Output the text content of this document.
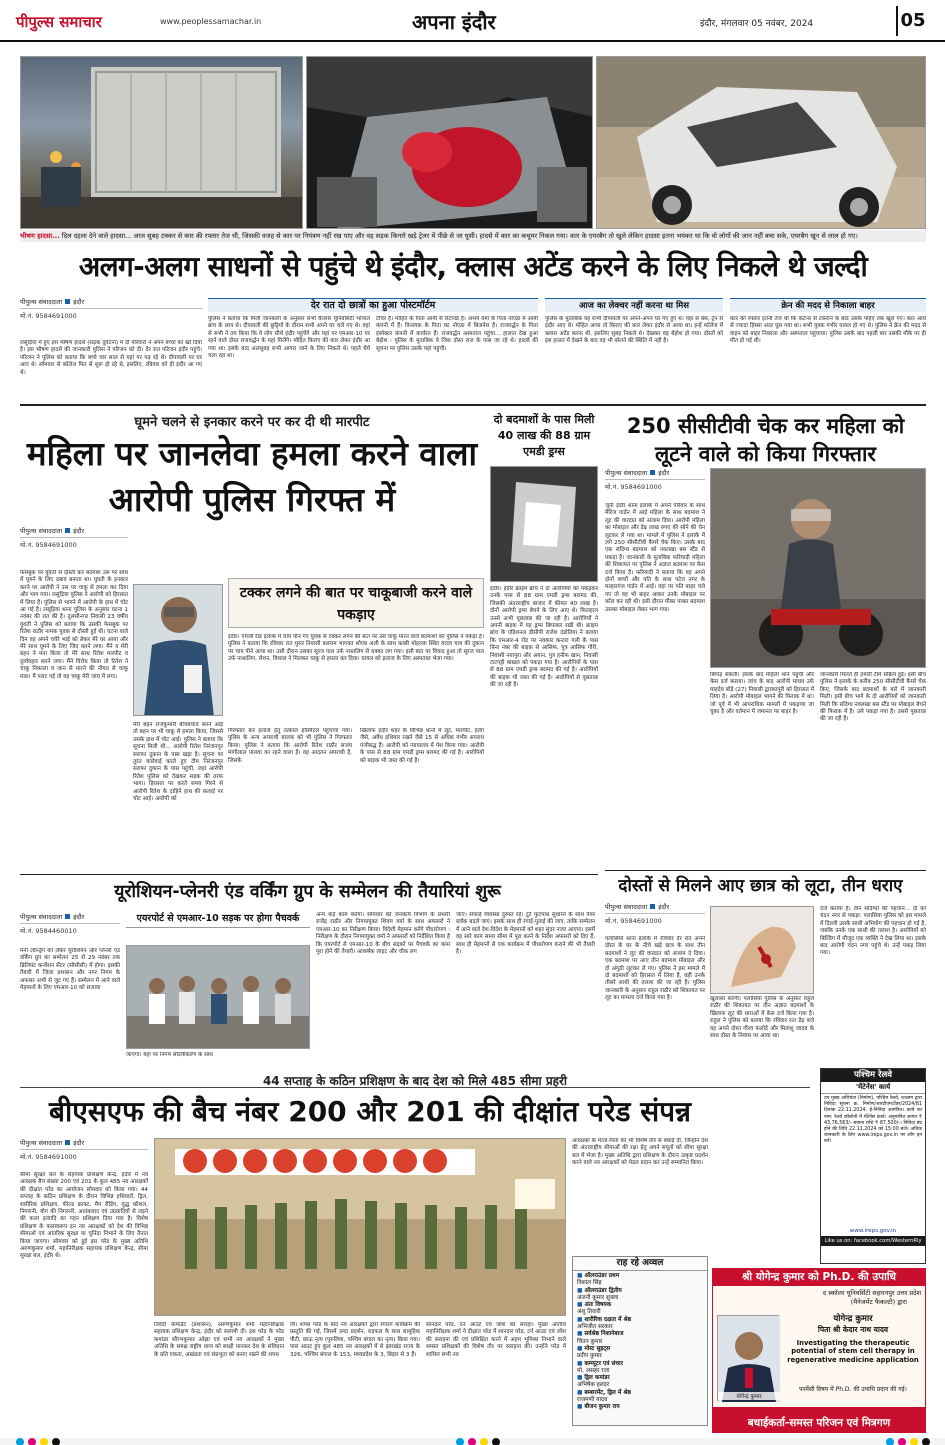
पीपुल्स समाचार	www.peoplessamachar.in	अपना इंदौर	इंदौर, मंगलवार 05 नवंबर, 2024	05
भीषण हादसा... दिल दहला देने वाले हादसा... आज सुबह टक्कर से कार की रफ्तार तेज थी, जिसकी वजह से कार पर नियंत्रण नहीं रख पाए और वह सड़क किनारे खड़े ट्रेलर में पीछे से जा घुसी। हादसे में कार का कचूमर निकल गया। कार के एयरबैग तो खुले लेकिन हादसा इतना भयंकर था कि वो लोगों की जान नहीं बचा सके, एयरबैग खून से लाल हो गए।
अलग-अलग साधनों से पहुंचे थे इंदौर, क्लास अटेंड करने के लिए निकले थे जल्दी
पीपुल्स संवाददाता इंदौर
मो.नं. 9584691000
लसूड़िया में हुए इस भीषण हादसे (सड़क दुर्घटना) में दो परिवारों ने अपने बच्चों को खो दिया है। इस भीषण हादसे की जानकारी पुलिस ने परिजन को दी। देर रात परिजन इंदौर पहुंचे। परिजन ने पुलिस को बताया कि बच्चे चार साल से यहां पर पढ़ रहे थे। दीपावली पर घर आए थे। सोमवार से कॉलेज फिर से शुरू हो रहे थे, इसलिए, रविवार को ही इंदौर आ गए थे।
देर रात दो छात्रों का हुआ पोस्टमॉर्टम
पुलिस ने बताया कि मिली जानकारी के अनुसार सभी वैल्लोर यूनिवर्सिटी भोपाल ब्रांच के छात्र थे। दीपावली की छुट्टियों के दौरान सभी अपने घर चले गए थे। वहां से सभी ने तय किया कि वे लोग सीधे इंदौर पहुंचेंगे और यहां पर एमआर-10 पर रहने वाले दोस्त राजवर्द्धन के यहां मिलेंगे। मोहित किराए की कार लेकर इंदौर आ गया था। इसके बाद अलसुबह सभी आगरा जाने के लिए निकले थे। पहले धैर्य चला रहा था।
टीचर हैं। मोहित के पिता आर्मी से रिटायर्ड हैं। अभय वर्मा के पिता नोएडा में आर्मी कंपनी में हैं। विनायक के पिता का नोएडा में बिजनेस है। राजवर्द्धन के पिता इंस्पेक्टर कंपनी में कार्यरत हैं। राजवर्द्धन अस्पताल पहुंचा... हालात देख हुआ बेहोश : पुलिस के मुताबिक वे जिस दोस्त राज के पास जा रहे थे। हादसे की सूचना पर पुलिस उसके यहां पहुंची।
आज का लेक्चर नहीं करना था मिस
पुलिस के मुताबिक यह सभी दीपावली पर अपने-अपने घर गए हुए थे। यहां से बस, ट्रेन से इंदौर आए थे। मोहित आया तो किराए की कार लेकर इंदौर से आया था। इन्हें कॉलेज में क्लास अटेंड करना थी, इसलिए सुबह निकले थे। देखकर वह बेहोश हो गया। दोस्तों को इस हालत में देखने के बाद वह भी बोलने की स्थिति में नहीं है।
क्रेन की मदद से निकाला बाहर
कार की रफ्तार इतनी तेज थी कि कंटेनर से टकराने के बाद उसके पहिए तक खुल गए। कार आधे से ज्यादा हिस्सा अंदर घुस गया था। सभी युवक गंभीर घायल हो गए थे। पुलिस ने क्रेन की मदद से वाहन को बाहर निकाला और अस्पताल पहुंचाया। पुलिस उसके बाद पहली बार उसकी मौके पर ही मौत हो गई थी।
घूमने चलने से इनकार करने पर कर दी थी मारपीट
महिला पर जानलेवा हमला करने वाला आरोपी पुलिस गिरफ्त में
पीपुल्स संवाददाता इंदौर
मो.नं. 9584691000
फेसबुक पर युवती से दोस्ती कर बदमाश उस पर साथ में घूमने के लिए दबाव बनाता था। युवती के इनकार करने पर आरोपी ने उस पर चाकू से हमला कर दिया और भाग गया। लसूड़िया पुलिस ने आरोपी को हिरासत में लिया है। पुलिस से भागने में आरोपी के हाथ में चोट आ गई है। लसूड़िया थाना पुलिस के अनुसार घटना 1 नवंबर की रात की है। तुलसीनगर निवासी 23 वर्षीय युवती ने पुलिस को बताया कि उसकी फेसबुक पर रितेश राठौर नामक युवक से दोस्ती हुई थी। घटना वाले दिन वह अपने चचेरे भाई को लेकर मेरे घर आया और मेरे साथ घूमने के लिए जिद करने लगा। मैंने व मेरी बहन ने मना किया तो मेरे साथ रितेश मारपीट व दुर्व्यवहार करने लगा। मैंने विरोध किया तो रितेश ने चाकू निकाला व जान से मारने की नीयत से चाकू मारा। मैं पलट गई तो वह चाकू मेरी जांघ में लगा।
मेरी बहन राजकुमारी बीचबचाव करने आई तो बहन पर भी चाकू से हमला किया, जिससे उसके हाथ में चोट आई। पुलिस ने बताया कि सूचना मिली थी... आरोपी रितेश निरंजनपुर सराफा दुकान के पास खड़ा है। सूचना पर तुरंत कार्रवाई करते हुए टीम निरंजनपुर सराफा दुकान के पास पहुंची, जहां आरोपी रितेश पुलिस को देखकर सड़क की तरफ भागा। हिरासत पर करते समय गिरने से आरोपी रितेश के दाहिने हाथ की कलाई पर चोट आई। आरोपी को
टक्कर लगने की बात पर चाकूबाजी करने वाले पकड़ाए
इंदौर। एमजी रोड इलाके में चाय पीने गए युवक से टक्कर लगने की बात पर उसे चाकू मारने वाले बदमाशों को पुलिस ने पकड़ा है। पुलिस ने बताया कि रविवार रात मुरार निवासी बलराम भागवत शोएब अली के साथ काछी मोहल्ला स्थित यादव चाय की दुकान पर चाय पीने आया था। उसी दौरान उसका सूरज पाल उर्फ नाथालिग से धक्का लग गया। इसी बात पर विवाद हुआ तो सूरज पाल उर्फ नाथालिग, रोशन, विशाल ने मिलकर चाकू से हमला कर दिया। घायल को इलाज के लिए अस्पताल भेजा गया।
गिरफ्तार कर इलाज हेतु तत्काल हॉस्पिटल पहुंचाया गया। पुलिस के अन्य अपराधी बालक को भी पुलिस ने गिरफ्तार किया। पुलिस ने बताया कि आरोपी रितेश राठौर सजंय मांगीलाल पालवा का रहने वाला है। वह आदतन अपराधी है, जिसके
खिलाफ इंदौर शहर के विभिन्न थानों में लूट, मारपीट, हत्या जैसे, अवैध हथियार रखने जैसे 15 से अधिक गंभीर अपराध पंजीबद्ध हैं। आरोपी को न्यायालय में पेश किया गया। आरोपी के पास से 88 ग्राम एमडी ड्रग्स बरामद की गई है। आरोपियों को बाइक भी जब्त की गई है।
दो बदमाशों के पास मिली 40 लाख की 88 ग्राम एमडी ड्रग्स
इंदौर। इंदौर क्राइम ब्रांच ने दो आरोपियों को पकड़कर उनके पास से 88 ग्राम एमडी ड्रग्स बरामद की, जिसकी अंतरराष्ट्रीय बाजार में कीमत 40 लाख है। दोनों आरोपी ड्रग्स बेचने के लिए आए थे। फिलहाल उनसे अभी पूछताछ की जा रही है। आरोपियों ने अपनी बाइक में यह ड्रग्स छिपाकर रखी थी। क्राइम ब्रांच के एडिशनल डीसीपी राजेश दंडोतिया ने बताया कि एमआर-4 रोड पर नवकार कन्टरा गली के पास बिना नंबर की बाइक से आसिफ, पुत्र आसिफ गौरी, निवासी नयापुरा और अयान, पुत्र हनीफ खान, निवासी टाटपट्टी बाखल को पकड़ा गया है। आरोपियों के पास से 88 ग्राम एमडी ड्रग्स बरामद की गई है। आरोपियों की बाइक भी जब्त की गई है। आरोपियों से पूछताछ की जा रही है।
250 सीसीटीवी चेक कर महिला को लूटने वाले को किया गिरफ्तार
पीपुल्स संवाददाता इंदौर
मो.नं. 9584691000
जूनी इंदौर थाना इलाके में अपने परिवार के साथ मैरिज गार्डन में आई महिला के साथ बदमाश ने लूट की वारदात को अंजाम दिया। आरोपी महिला का मोबाइल और डेढ़ लाख रुपए की सोने की चेन लूटकर ले गया था। मामले में पुलिस ने इलाके में लगे 250 सीसीटीवी कैमरे चेक किए। उसके बाद एक संदिग्ध बदमाश को नवलखा बस स्टैंड से पकड़ा है। जानकारी के मुताबिक फरियादी महिला की शिकायत पर पुलिस ने अज्ञात बदमाश पर केस दर्ज किया है। फरियादी ने बताया कि वह अपने दोनों बच्चों और पति के साथ पटेल नगर के मल्हारगंज गार्डन में आई। वहां पर पति बाहर चले गए तो वह भी बाहर आकर उनके मोबाइल पर कॉल कर रही थी। इसी दौरान मौका पाकर बदमाश उसका मोबाइल लेकर भाग गया।
बिगाड़ सकती। इसके बाद महिला थाने पहुंची और केस दर्ज कराया। जांच के बाद आरोपी माधव उर्फ माहदेव बोड़े (27) निवासी द्वारकापुरी को हिरासत में लिया है। आरोपी मोबाइल भागने की फिराक में था। जो पूर्व में भी आपराधिक मामलों में पकड़ाया जा चुका है और वर्तमान में जमानत पर बाहर है।
जानकारी मिलते ही हमारी टीमें सक्रिय हुईं। इसी बीच पुलिस ने इलाके के करीब 250 सीसीटीवी कैमरे चेक किए, जिसके बाद बदमाशों के बारे में जानकारी मिली। इसी बीच भागे के दो आरोपियों को जानकारी मिली कि संदिग्ध नवलखा बस स्टैंड पर मोबाइल बेचने की फिराक में है। उसे पकड़ा गया है। उससे पूछताछ की जा रही है।
दोस्तों से मिलने आए छात्र को लूटा, तीन धराए
पीपुल्स संवाददाता इंदौर
मो.नं. 9584691000
पलासिया थाना इलाके में रविवार देर रात अपने दोस्त के घर के नीचे खड़े छात्र के साथ तीन बदमाशों ने लूट की वारदात को अंजाम दे दिया। एक बदमाश पर आए तीन बदमाश मोबाइल और दो अंगूठी लूटकर ले गए। पुलिस ने इस मामले में दो बदमाशों को हिरासत में लिया है, वहीं उनके तीसरे साथी की तलाश की जा रही है। पुलिस जानकारी के अनुसार राहुल राठौर को शिकायत पर लूट का मामला दर्ज किया गया है।	खुलासा करेगी। पलासिया पुलिस के अनुसार राहुल राठौर की शिकायत पर तीन अज्ञात बदमाशों के खिलाफ लूट की धाराओं में केस दर्ज किया गया है। राहुल ने पुलिस को बताया कि रविवार रात डेढ़ बजे वह अपने दोस्त गौरव फलोदे और मितांशु जादव के साथ दोस्त के निवास पर आया था।
दर्ज कराया है। तीन संदिग्धों की पहचान... दो को चंदन नगर से पकड़ा: पलासिया पुलिस को इस मामले में दिल्ली उसके साथी अभियोग की पहचान हो गई है, जबकि उनके एक साथी की तलाश है। आरोपियों को बिल्डिंग में मौजूद एक व्यक्ति ने देख लिया था। इसके बाद आरोपी चंदन नगर पहुंचे थे। उन्हें पकड़ लिया गया।
यूरोशियन-प्लेनरी एंड वर्किंग ग्रुप के सम्मेलन की तैयारियां शुरू
पीपुल्स संवाददाता इंदौर
मो.नं. 9584460010
मनी लॉन्ड्रिंग को लेकर यूरोशियन और प्लेनरी एंड वर्किंग ग्रुप का सम्मेलन 25 से 29 नवंबर तक ब्रिलियंट कन्वेंशन सेंटर (सीसीसी) में होगा। इसकी तैयारी में जिला प्रशासन और नगर निगम के अफसर अभी से जुट गए हैं। सम्मेलन में आने वाले मेहमानों के लिए एमआर-10 को सजाया
एयरपोर्ट से एमआर-10 सड़क पर होगा पैचवर्क
जाएगा। यहां पर निगम सौंदर्यीकरण के साथ
अन्य कई काम करेगा। सोमवार को जनकार्य विभाग के प्रभारी राजेंद्र राठौर और निगमायुक्त शिवम वर्मा के साथ अफसरों ने एमआर-10 का निरीक्षण किया। विदेशी मेहमान करेंगे पौधारोपण : निरीक्षण के दौरान निगमायुक्त वर्मा ने अफसरों को निर्देशित किया है कि एयरपोर्ट से एमआर-10 के बीच सड़कों पर पैचवर्क का काम पूरा होने की तैयारी। आकर्षक लाइट और चौक लग
जाएं। सफाई व्यवस्था दुरुस्त रहे। टूटे फुटपाथ सुधारने के साथ पेवर ब्लॉक बदले जाएं। इसके साथ ही रंगाई-पुताई की जाए, ताकि सम्मेलन में आने वाले देश-विदेश के मेहमानों को शहर सुंदर नजर आएगा। इसमें वह सारे काम समय सीमा में पूरा करने के निर्देश अफसरों को दिए हैं, साथ ही मेहमानों से एक कार्यक्रम में पौधारोपण कराने की भी तैयारी है।
44 सप्ताह के कठिन प्रशिक्षण के बाद देश को मिले 485 सीमा प्रहरी
बीएसएफ की बैच नंबर 200 और 201 की दीक्षांत परेड संपन्न
पीपुल्स संवाददाता इंदौर
मो.नं. 9584691000
सीमा सुरक्षा बल के सहायक प्रशिक्षण केन्द्र, इंदौर में नव आरक्षक बैच संख्या 200 एवं 201 के कुल 485 नव आरक्षकों की दीक्षांत परेड का आयोजन सोमवार को किया गया। 44 सप्ताह के कठिन प्रशिक्षण के दौरान विभिन्न हथियारों, ड्रिल, शारीरिक प्रशिक्षण, फील्ड क्राफ्ट, मैप रीडिंग, युद्ध कौशल, निगरानी, योग की निगरानी, आतंकवाद एवं उग्रवादियों से लड़ने की कला इत्यादि का गहन प्रशिक्षण दिया गया है। विशेष प्रशिक्षण के फलस्वरूप इन नव आरक्षकों को देश की विभिन्न सीमाओं एवं आंतरिक सुरक्षा या चुनिंदा निभाने के लिए तैनात किया जाएगा। सोमवार को हुई इस परेड के मुख्य अतिथि अरुणकुमार शर्मा, महानिरीक्षक सहायक प्रशिक्षण केन्द्र, सीमा सुरक्षा बल, इंदौर थे।
तिवेदी कमांडेंट (प्रशासन), अरुणकुमार शर्मा महानिरीक्षक सहायक प्रशिक्षण केन्द्र, इंदौर को सलामी दी। इस परेड के परेड कमांडर सौरभकुमार ओझा एवं सभी नव आरक्षकों ने मुख्य अतिथि के समक्ष राष्ट्रीय ध्वज को साक्षी मानकर देश के संविधान के प्रति एकता, अखंडता एवं संप्रभुता को बनाए रखने की शपथ
ली। शपथ परेड के बाद नव आरक्षकों द्वारा रंगारंग कार्यक्रम की प्रस्तुति की गई, जिसमें उम्दा प्रदर्शन, राइफल के साथ सामूहिक पीटी, छाऊ नृत्य (पुरुलिया, पश्चिम बंगाल का नृत्य) किया गया। पास आउट हुए कुल 485 नव आरक्षकों में से झारखंड राज्य के 326, पश्चिम बंगाल के 153, मध्यप्रदेश के 3, बिहार से 3 हैं।
सानदार परेड, टर्न आउट एवं जोश को सराहा। मुख्य अतिथि महानिरीक्षक शर्मा ने दीक्षांत परेड में शानदार परेड, टर्न आउट एवं जोश की सराहना की एवं प्रशिक्षित करने में अहम भूमिका निभाने वाले समस्त प्रशिक्षकों की विशेष तौर पर सराहना की। उन्होंने परेड में शामिल सभी नव
आरक्षकों के माता-पिता को भी विशेष तौर से बधाई दी, जिन्होंने देश की अंतरराष्ट्रीय सीमाओं की रक्षा हेतु अपने सपूतों को सीमा सुरक्षा बल में भेजा है। मुख्य अतिथि द्वारा प्रशिक्षण के दौरान उत्कृष्ट प्रदर्शन करने वाले नव आरक्षकों को मेडल प्रदान कर उन्हें सम्मानित किया।
राह रहे अव्वल
■ ऑलराउंडर प्रथम
विशाल सिंह
■ ऑलराउंडर द्वितीय
अंजनी कुमार शुक्ला
■ अंतः विषयक
अंशु तिवारी
■ शारीरिक दक्षता में श्रेष्ठ
अभिजीत सरकार
■ सर्वश्रेष्ठ निशानेबाज
चिंतन कुमार
■ मोस्ट सुइट्स
प्रदीप कुमार
■ कम्प्यूटर एवं संचार
मो. असहर रजा
■ ड्रिल कमांडर
अभिषेक हलदर
■ बम्बारमेंट, ड्रिल में श्रेष्ठ
राजमणी यादव
■ बीजन कुमार राय
पश्चिम रेलवे
'मेंटेनेंस' कार्य
उप मुख्य अभियंता (निर्माण), पश्चिम रेलवे, रतलाम द्वारा निविदा सूचना क्र. निर्माण/आरटीएम/टेंडर/2024/81 दिनांक 22.11.2024. ई-निविदा आमंत्रित। कार्य का नाम: रेलवे कॉलोनी में मेंटेनेंस कार्य। अनुमानित लागत ₹ 43,76,563/- बयाना राशि ₹ 87,500/-। निविदा बंद होने की तिथि 22.11.2024 को 15:00 बजे। अधिक जानकारी के लिए www.ireps.gov.in पर लॉग इन करें।
www.ireps.gov.in
Like us on: facebook.com/WesternRly
श्री योगेन्द्र कुमार को Ph.D. की उपाधि
द स्कॉलर यूनिवर्सिटी सहारनपुर उत्तर प्रदेश
(मैनेजमेंट फैकल्टी) द्वारा
योगेन्द्र कुमार
योगेन्द्र कुमार
पिता श्री केदार नाथ यादव
Investigating the therapeutic potential of stem cell therapy in regenerative medicine application
फार्मेसी विषय में Ph.D. की उपाधि प्रदान की गई।
बधाईकर्ता-समस्त परिजन एवं मित्रगण
